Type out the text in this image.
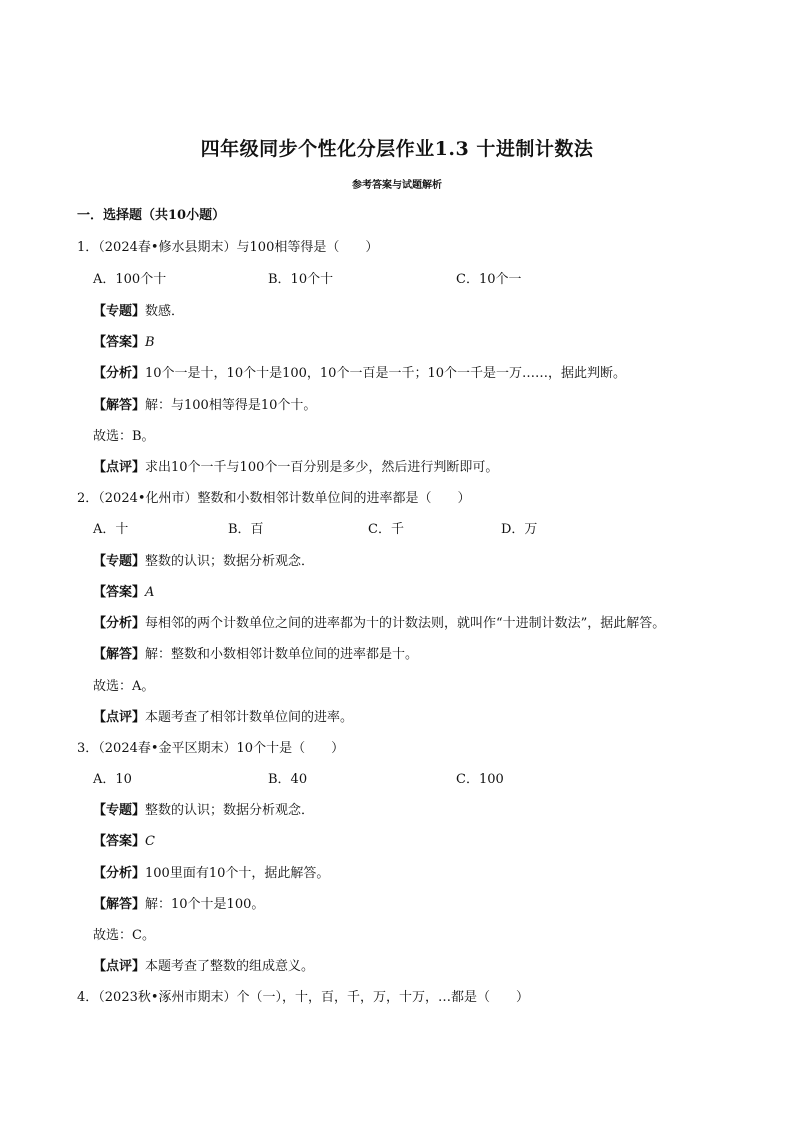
四年级同步个性化分层作业1.3 十进制计数法
参考答案与试题解析
一．选择题（共10小题）
1．（2024春•修水县期末）与100相等得是（　　）
A．100个十	B．10个十	C．10个一
【专题】数感．
【答案】B
【分析】10个一是十，10个十是100，10个一百是一千；10个一千是一万……，据此判断。
【解答】解：与100相等得是10个十。
故选：B。
【点评】求出10个一千与100个一百分别是多少，然后进行判断即可。
2．（2024•化州市）整数和小数相邻计数单位间的进率都是（　　）
A．十	B．百	C．千	D．万
【专题】整数的认识；数据分析观念．
【答案】A
【分析】每相邻的两个计数单位之间的进率都为十的计数法则，就叫作“十进制计数法”，据此解答。
【解答】解：整数和小数相邻计数单位间的进率都是十。
故选：A。
【点评】本题考查了相邻计数单位间的进率。
3．（2024春•金平区期末）10个十是（　　）
A．10	B．40	C．100
【专题】整数的认识；数据分析观念．
【答案】C
【分析】100里面有10个十，据此解答。
【解答】解：10个十是100。
故选：C。
【点评】本题考查了整数的组成意义。
4．（2023秋•涿州市期末）个（一），十，百，千，万，十万，…都是（　　）
